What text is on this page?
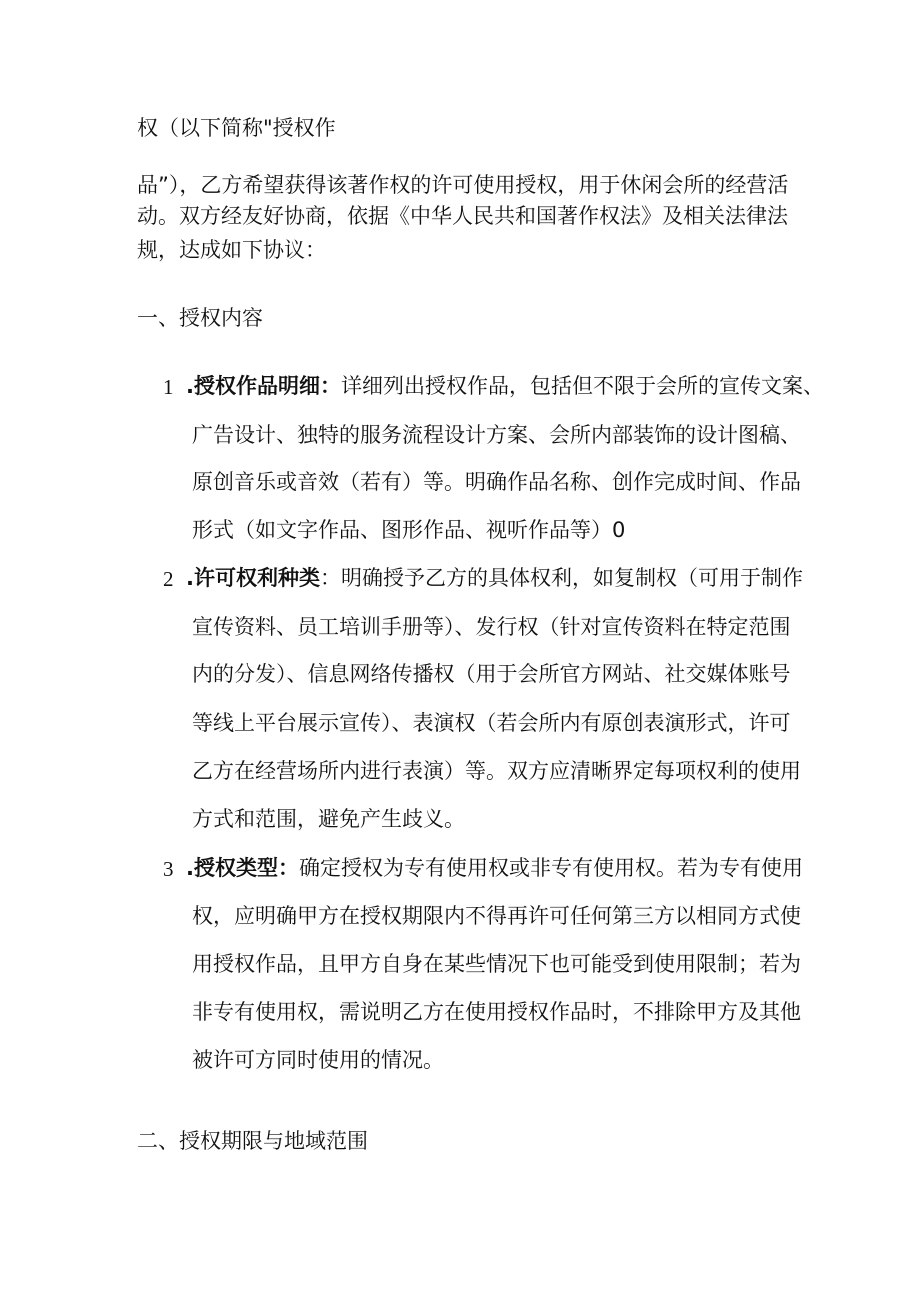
权（以下简称"授权作

品”），乙方希望获得该著作权的许可使用授权，用于休闲会所的经营活

动。双方经友好协商，依据《中华人民共和国著作权法》及相关法律法

规，达成如下协议：

一、授权内容

1 .授权作品明细：详细列出授权作品，包括但不限于会所的宣传文案、

广告设计、独特的服务流程设计方案、会所内部装饰的设计图稿、

原创音乐或音效（若有）等。明确作品名称、创作完成时间、作品

形式（如文字作品、图形作品、视听作品等）0

2 .许可权利种类：明确授予乙方的具体权利，如复制权（可用于制作

宣传资料、员工培训手册等）、发行权（针对宣传资料在特定范围

内的分发）、信息网络传播权（用于会所官方网站、社交媒体账号

等线上平台展示宣传）、表演权（若会所内有原创表演形式，许可

乙方在经营场所内进行表演）等。双方应清晰界定每项权利的使用

方式和范围，避免产生歧义。

3 .授权类型：确定授权为专有使用权或非专有使用权。若为专有使用

权，应明确甲方在授权期限内不得再许可任何第三方以相同方式使

用授权作品，且甲方自身在某些情况下也可能受到使用限制；若为

非专有使用权，需说明乙方在使用授权作品时，不排除甲方及其他

被许可方同时使用的情况。

二、授权期限与地域范围
